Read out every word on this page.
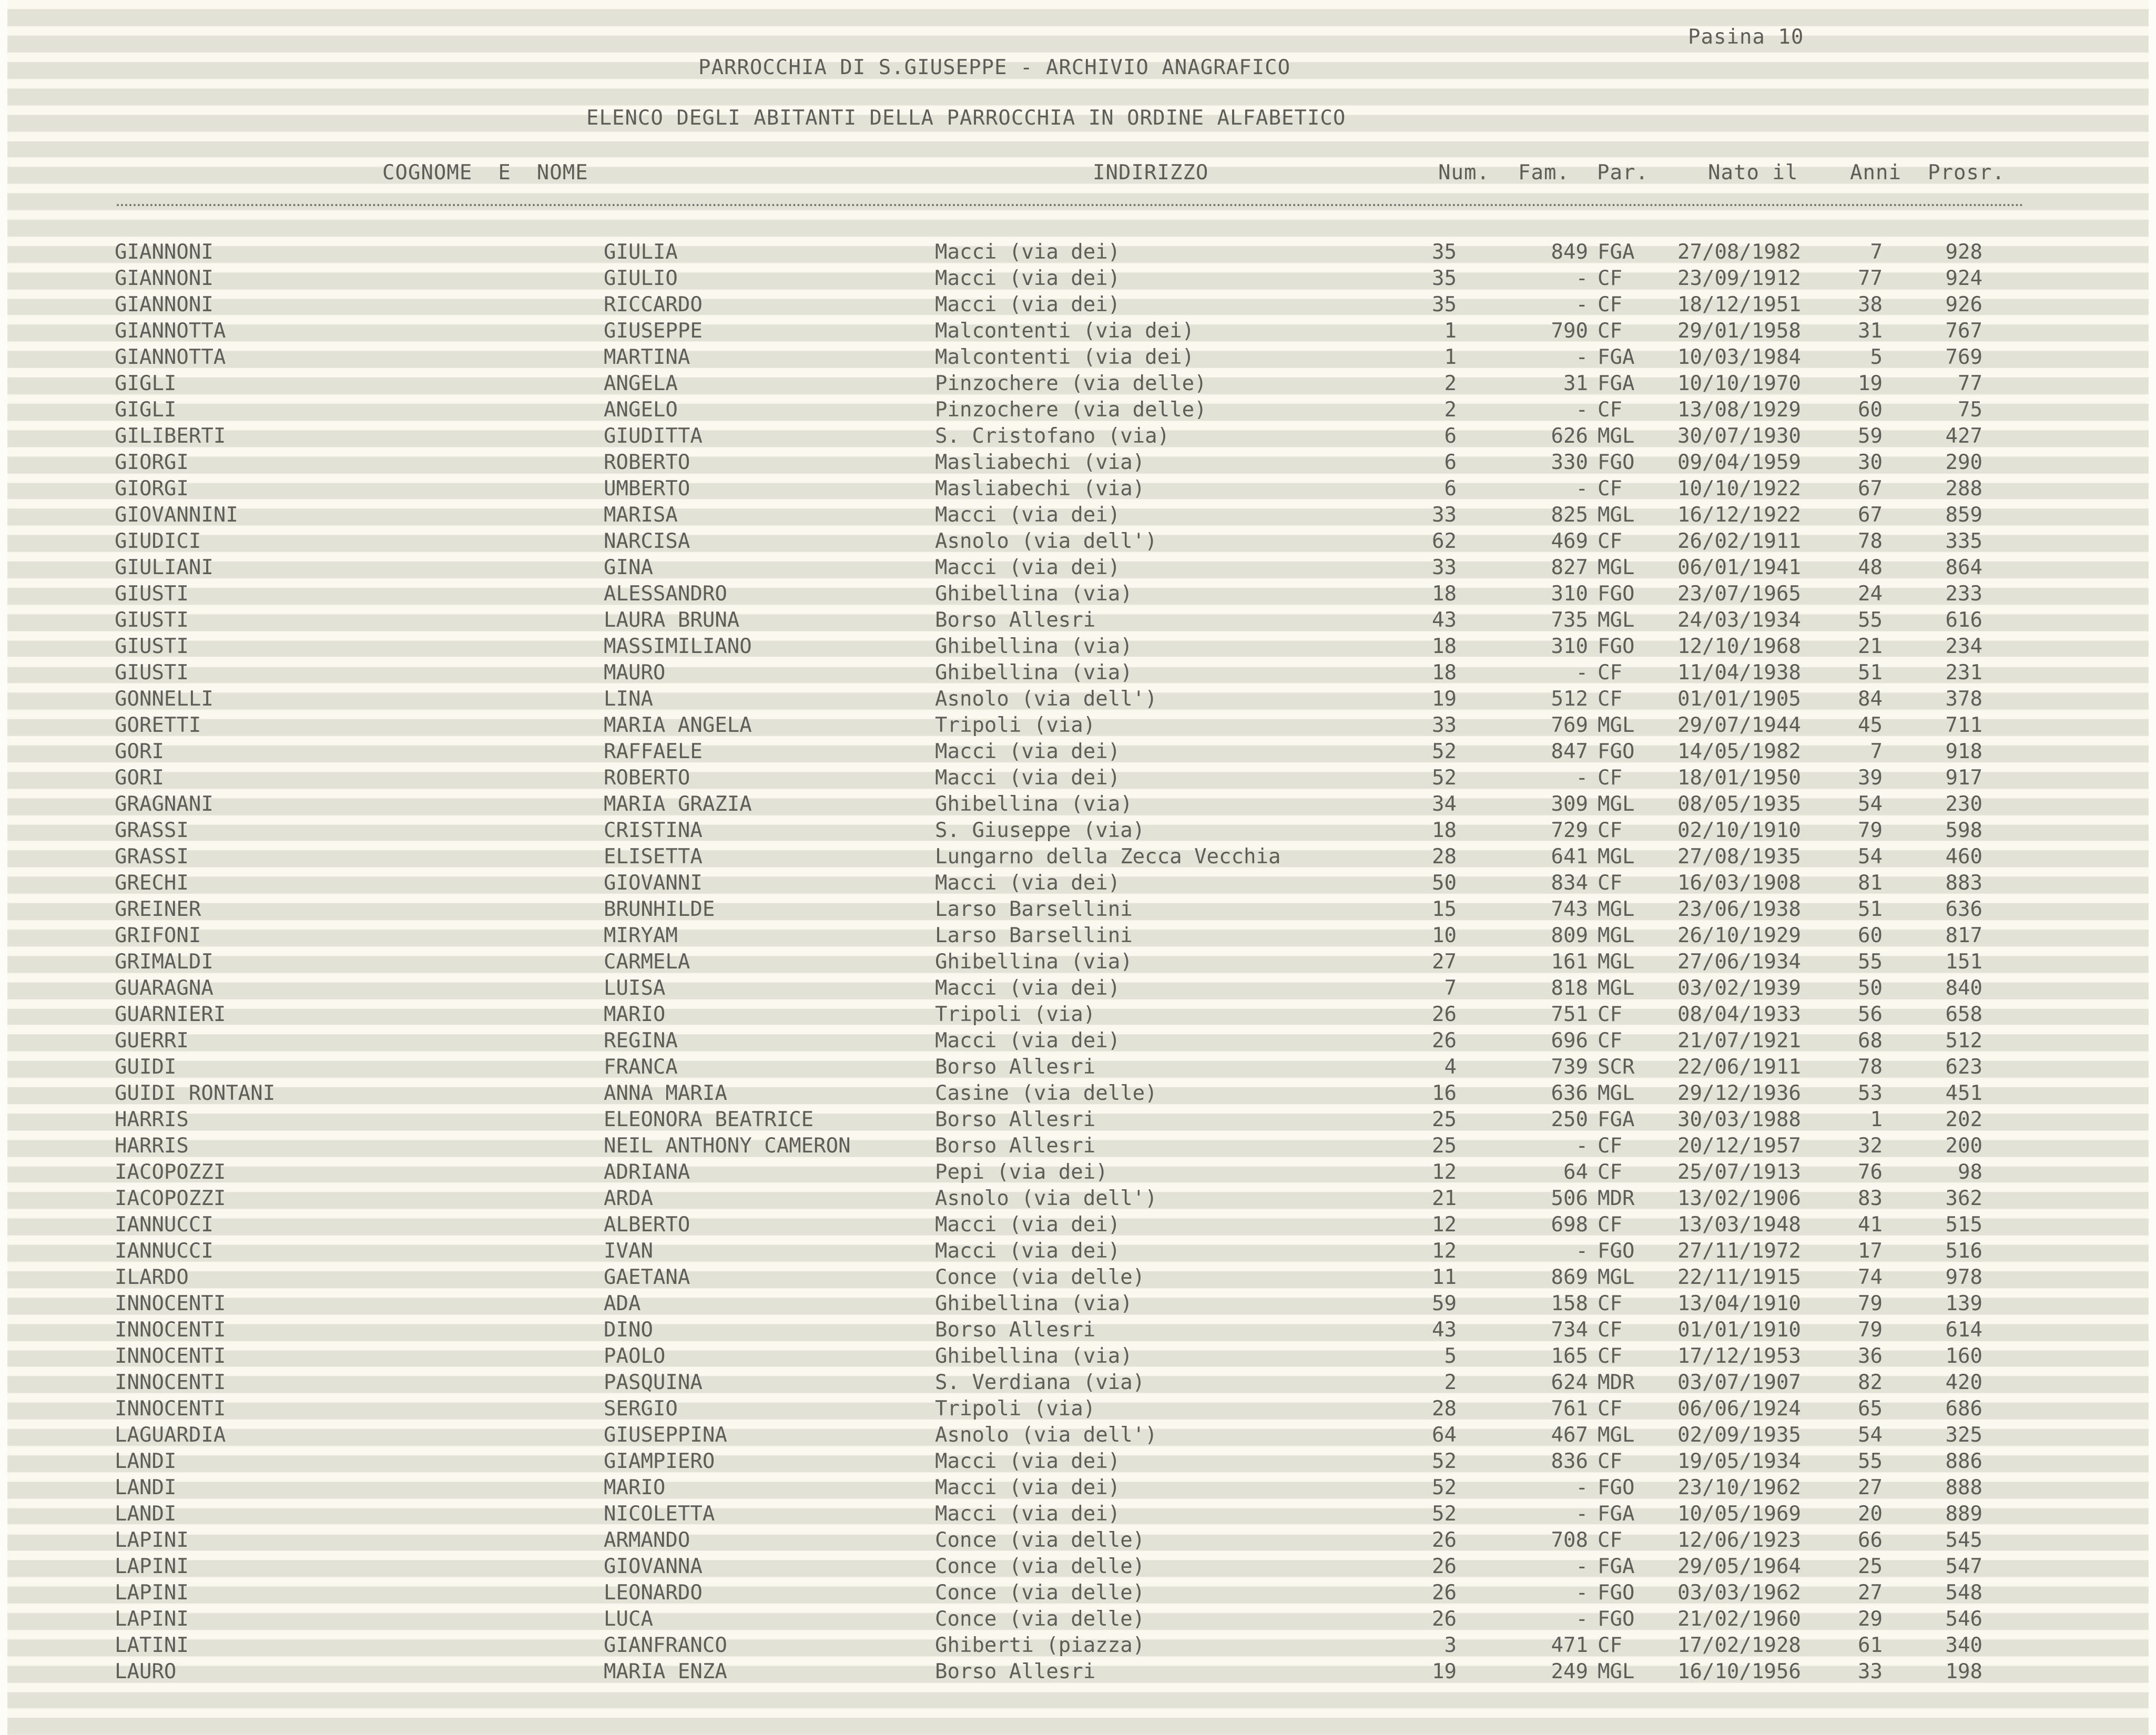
Pasina 10
PARROCCHIA DI S.GIUSEPPE - ARCHIVIO ANAGRAFICO
ELENCO DEGLI ABITANTI DELLA PARROCCHIA IN ORDINE ALFABETICO
COGNOME  E  NOME	INDIRIZZO	Num. Fam. Par.	Nato il	Anni Prosr.
GIANNONI	GIULIA	Macci (via dei)	35	849 FGA 27/08/1982	7	928
GIANNONI	GIULIO	Macci (via dei)	35	- CF	23/09/1912	77	924
GIANNONI	RICCARDO	Macci (via dei)	35	- CF	18/12/1951	38	926
GIANNOTTA	GIUSEPPE	Malcontenti (via dei)	1	790 CF	29/01/1958	31	767
GIANNOTTA	MARTINA	Malcontenti (via dei)	1	- FGA 10/03/1984	5	769
GIGLI	ANGELA	Pinzochere (via delle)	2	31 FGA 10/10/1970	19	77
GIGLI	ANGELO	Pinzochere (via delle)	2	- CF	13/08/1929	60	75
GILIBERTI	GIUDITTA	S. Cristofano (via)	6	626 MGL 30/07/1930	59	427
GIORGI	ROBERTO	Masliabechi (via)	6	330 FGO 09/04/1959	30	290
GIORGI	UMBERTO	Masliabechi (via)	6	- CF	10/10/1922	67	288
GIOVANNINI	MARISA	Macci (via dei)	33	825 MGL 16/12/1922	67	859
GIUDICI	NARCISA	Asnolo (via dell')	62	469 CF	26/02/1911	78	335
GIULIANI	GINA	Macci (via dei)	33	827 MGL 06/01/1941	48	864
GIUSTI	ALESSANDRO	Ghibellina (via)	18	310 FGO 23/07/1965	24	233
GIUSTI	LAURA BRUNA	Borso Allesri	43	735 MGL 24/03/1934	55	616
GIUSTI	MASSIMILIANO	Ghibellina (via)	18	310 FGO 12/10/1968	21	234
GIUSTI	MAURO	Ghibellina (via)	18	- CF	11/04/1938	51	231
GONNELLI	LINA	Asnolo (via dell')	19	512 CF	01/01/1905	84	378
GORETTI	MARIA ANGELA	Tripoli (via)	33	769 MGL 29/07/1944	45	711
GORI	RAFFAELE	Macci (via dei)	52	847 FGO 14/05/1982	7	918
GORI	ROBERTO	Macci (via dei)	52	- CF	18/01/1950	39	917
GRAGNANI	MARIA GRAZIA	Ghibellina (via)	34	309 MGL 08/05/1935	54	230
GRASSI	CRISTINA	S. Giuseppe (via)	18	729 CF	02/10/1910	79	598
GRASSI	ELISETTA	Lungarno della Zecca Vecchia	28	641 MGL 27/08/1935	54	460
GRECHI	GIOVANNI	Macci (via dei)	50	834 CF	16/03/1908	81	883
GREINER	BRUNHILDE	Larso Barsellini	15	743 MGL 23/06/1938	51	636
GRIFONI	MIRYAM	Larso Barsellini	10	809 MGL 26/10/1929	60	817
GRIMALDI	CARMELA	Ghibellina (via)	27	161 MGL 27/06/1934	55	151
GUARAGNA	LUISA	Macci (via dei)	7	818 MGL 03/02/1939	50	840
GUARNIERI	MARIO	Tripoli (via)	26	751 CF	08/04/1933	56	658
GUERRI	REGINA	Macci (via dei)	26	696 CF	21/07/1921	68	512
GUIDI	FRANCA	Borso Allesri	4	739 SCR 22/06/1911	78	623
GUIDI RONTANI	ANNA MARIA	Casine (via delle)	16	636 MGL 29/12/1936	53	451
HARRIS	ELEONORA BEATRICE	Borso Allesri	25	250 FGA 30/03/1988	1	202
HARRIS	NEIL ANTHONY CAMERON	Borso Allesri	25	- CF	20/12/1957	32	200
IACOPOZZI	ADRIANA	Pepi (via dei)	12	64 CF	25/07/1913	76	98
IACOPOZZI	ARDA	Asnolo (via dell')	21	506 MDR 13/02/1906	83	362
IANNUCCI	ALBERTO	Macci (via dei)	12	698 CF	13/03/1948	41	515
IANNUCCI	IVAN	Macci (via dei)	12	- FGO 27/11/1972	17	516
ILARDO	GAETANA	Conce (via delle)	11	869 MGL 22/11/1915	74	978
INNOCENTI	ADA	Ghibellina (via)	59	158 CF	13/04/1910	79	139
INNOCENTI	DINO	Borso Allesri	43	734 CF	01/01/1910	79	614
INNOCENTI	PAOLO	Ghibellina (via)	5	165 CF	17/12/1953	36	160
INNOCENTI	PASQUINA	S. Verdiana (via)	2	624 MDR 03/07/1907	82	420
INNOCENTI	SERGIO	Tripoli (via)	28	761 CF	06/06/1924	65	686
LAGUARDIA	GIUSEPPINA	Asnolo (via dell')	64	467 MGL 02/09/1935	54	325
LANDI	GIAMPIERO	Macci (via dei)	52	836 CF	19/05/1934	55	886
LANDI	MARIO	Macci (via dei)	52	- FGO 23/10/1962	27	888
LANDI	NICOLETTA	Macci (via dei)	52	- FGA 10/05/1969	20	889
LAPINI	ARMANDO	Conce (via delle)	26	708 CF	12/06/1923	66	545
LAPINI	GIOVANNA	Conce (via delle)	26	- FGA 29/05/1964	25	547
LAPINI	LEONARDO	Conce (via delle)	26	- FGO 03/03/1962	27	548
LAPINI	LUCA	Conce (via delle)	26	- FGO 21/02/1960	29	546
LATINI	GIANFRANCO	Ghiberti (piazza)	3	471 CF	17/02/1928	61	340
LAURO	MARIA ENZA	Borso Allesri	19	249 MGL 16/10/1956	33	198
